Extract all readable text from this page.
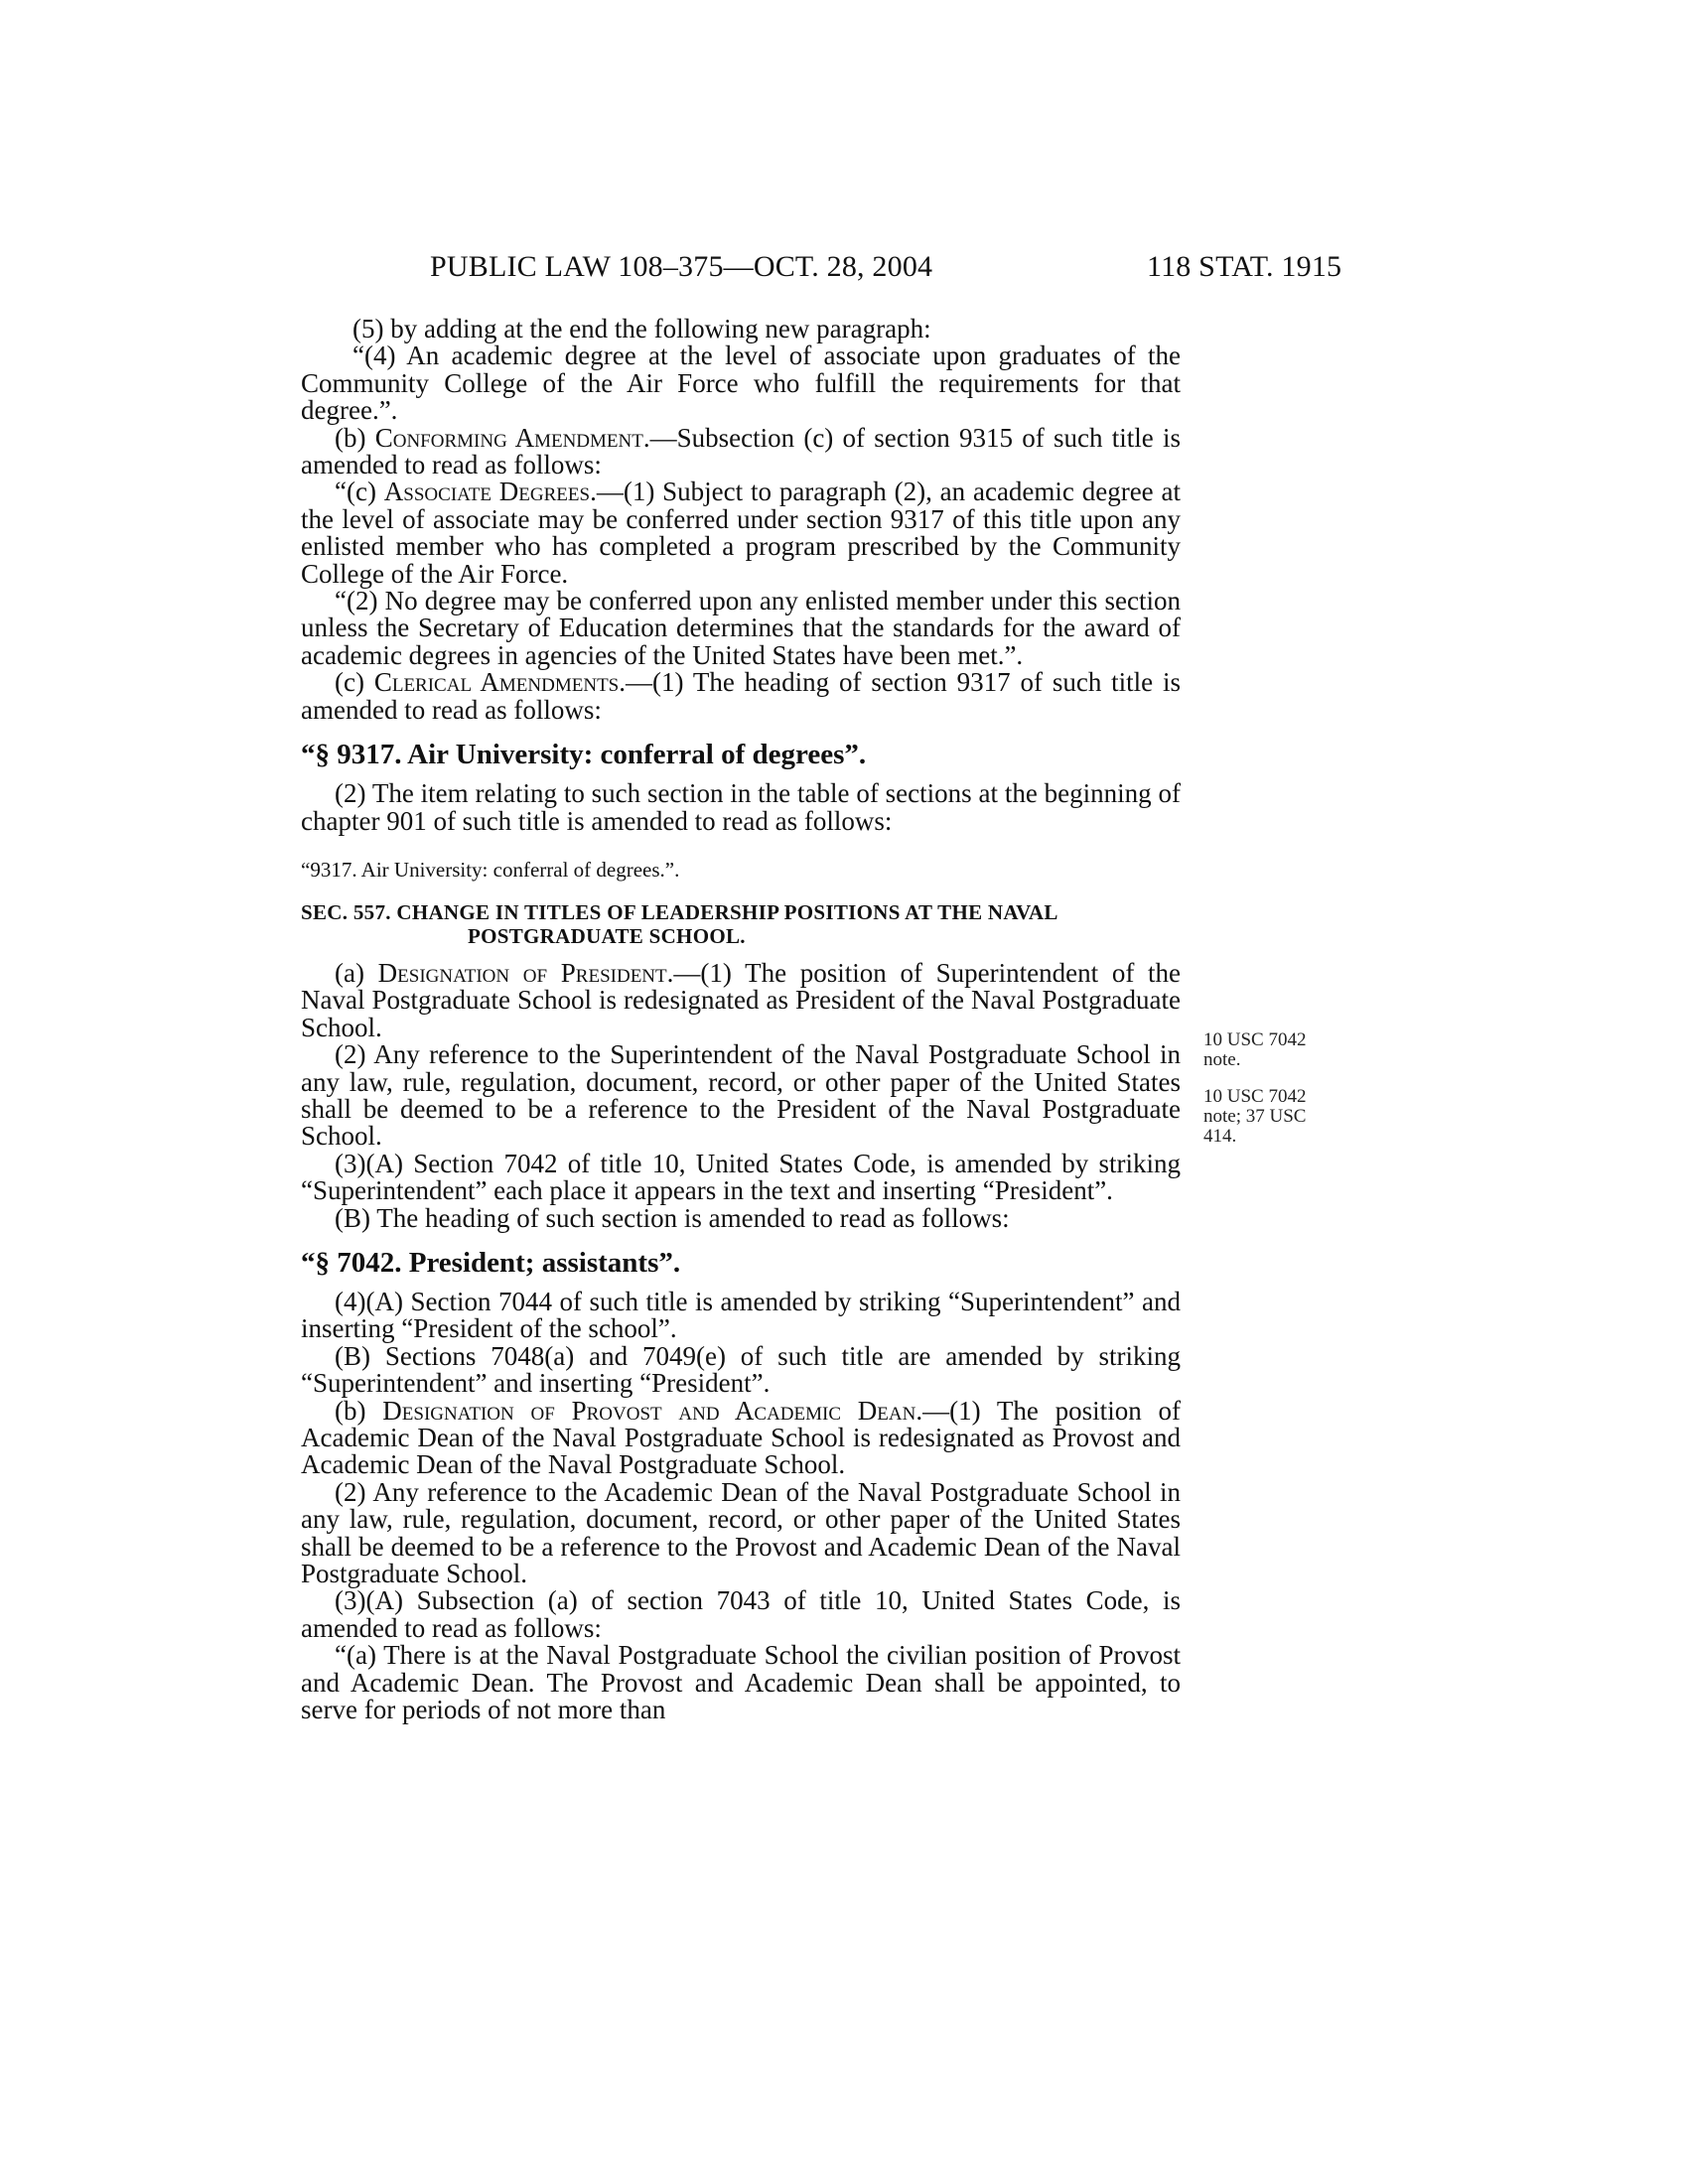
PUBLIC LAW 108–375—OCT. 28, 2004	118 STAT. 1915
10 USC 7042 note.
10 USC 7042 note; 37 USC 414.

(5) by adding at the end the following new paragraph:

“(4) An academic degree at the level of associate upon graduates of the Community College of the Air Force who fulfill the requirements for that degree.”.

(b) Conforming Amendment.—Subsection (c) of section 9315 of such title is amended to read as follows:

“(c) Associate Degrees.—(1) Subject to paragraph (2), an academic degree at the level of associate may be conferred under section 9317 of this title upon any enlisted member who has completed a program prescribed by the Community College of the Air Force.

“(2) No degree may be conferred upon any enlisted member under this section unless the Secretary of Education determines that the standards for the award of academic degrees in agencies of the United States have been met.”.

(c) Clerical Amendments.—(1) The heading of section 9317 of such title is amended to read as follows:

“§ 9317. Air University: conferral of degrees”.

(2) The item relating to such section in the table of sections at the beginning of chapter 901 of such title is amended to read as follows:

“9317. Air University: conferral of degrees.”.
SEC. 557. CHANGE IN TITLES OF LEADERSHIP POSITIONS AT THE NAVAL POSTGRADUATE SCHOOL.

(a) Designation of President.—(1) The position of Superintendent of the Naval Postgraduate School is redesignated as President of the Naval Postgraduate School.

(2) Any reference to the Superintendent of the Naval Postgraduate School in any law, rule, regulation, document, record, or other paper of the United States shall be deemed to be a reference to the President of the Naval Postgraduate School.

(3)(A) Section 7042 of title 10, United States Code, is amended by striking “Superintendent” each place it appears in the text and inserting “President”.

(B) The heading of such section is amended to read as follows:

“§ 7042. President; assistants”.

(4)(A) Section 7044 of such title is amended by striking “Superintendent” and inserting “President of the school”.

(B) Sections 7048(a) and 7049(e) of such title are amended by striking “Superintendent” and inserting “President”.

(b) Designation of Provost and Academic Dean.—(1) The position of Academic Dean of the Naval Postgraduate School is redesignated as Provost and Academic Dean of the Naval Postgraduate School.

(2) Any reference to the Academic Dean of the Naval Postgraduate School in any law, rule, regulation, document, record, or other paper of the United States shall be deemed to be a reference to the Provost and Academic Dean of the Naval Postgraduate School.

(3)(A) Subsection (a) of section 7043 of title 10, United States Code, is amended to read as follows:

“(a) There is at the Naval Postgraduate School the civilian position of Provost and Academic Dean. The Provost and Academic Dean shall be appointed, to serve for periods of not more than
